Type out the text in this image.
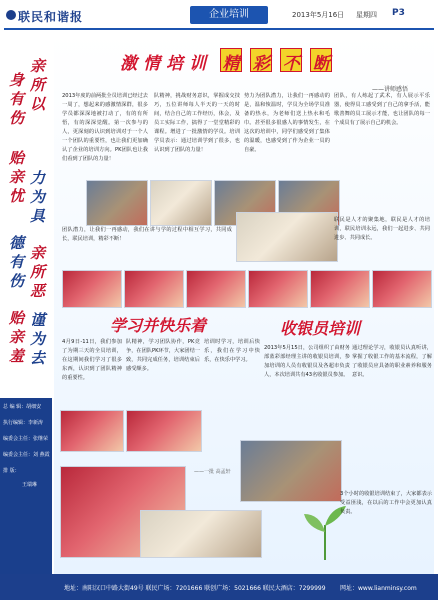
联民和谐报	企业培训	2013年5月16日 星期四 P3
亲所以
身有伤
力为具
贻亲忧
亲所恶
德有伤
谨为去
贻亲羞
总 编 辑：胡细安
执行编辑：李新涛
编委会主任：张继荣
编委会主任：刘 燕霞
排 版：
王瑞琳
激情培训 精 彩 不 断
——讲师感悟
2013年度的前两批全员培训已经过去一周了，想起来的感激情深群，很多学员都深深地被打动了，有的有所悟，有的深深觉醒。第一次参与的人，更深刻的认识到培训对于一个人一个团队的重要性，也让我们更加确认了企业的培训方向。PK团队也让我们看到了团队的力量！
队精神，挑战财务意识，掌握成交技巧，五位讲师每人半天的一天的时间，结合自己的工作经历，体会，及员工实际工作，搞得了一堂堂精彩的课程。增进了一批激情的学员。培训学员表示：通过培训学到了很多，也认识到了团队的力量！
势力为团队潜力，让我们一再感动的是，温和恢温时，学员为全场学员准备的热水，为老师们送上热水和毛巾。甚至很多很感人的事情发生，在这次的培训中，同学们感受到了集体的温暖，也感受到了作为企业一员的自豪。
团队，有人练起了武术，有人展示平乐器，使得员工感受到了自己的拿手活，能歌善舞的员工展示才能，也让团队的每一个成员有了展示自己的机会。
联民是人才的聚集地，联民是人才的培训，联民培训永远，我们一起进步、共同进步、共同成长。
团队潜力，让我们一再感动，我们在讲与学的过程中相互学习，共同成长，联民培训，精彩不断！
学习并快乐着
4月9日-11日，我们参加了为期三天的全员培训，在这期间我们学习了很多东西，认识到了团队精神的重要性。
队精神，学习团队协作，PK竞争，在团队PK环节，大家团结一致，共同完成任务，培训结束后感受颇多。
培训时学习，培训后快乐，我们在学习中快乐，在快乐中学习。
——一批 高孟轩
收银员培训
2013年5月15日，公司组织了由财务部蓝彩部经理主讲的收银员培训，参加培训的人员有收银员及各超市负责人，本次培训共有43名收银员参加。
通过理论学习，收银员认真听讲，掌握了收银工作的基本流程，了解了收银员应具备的职业素养和服务意识。
3个小时的收银培训结束了，大家都表示受益匪浅，在以后的工作中会更加认真负责。
地址：南阳汉口中路大街49号 联民广场：7201666 联创广场：5021666 联民大酒店：7299999 网址：www.lianminsy.com
